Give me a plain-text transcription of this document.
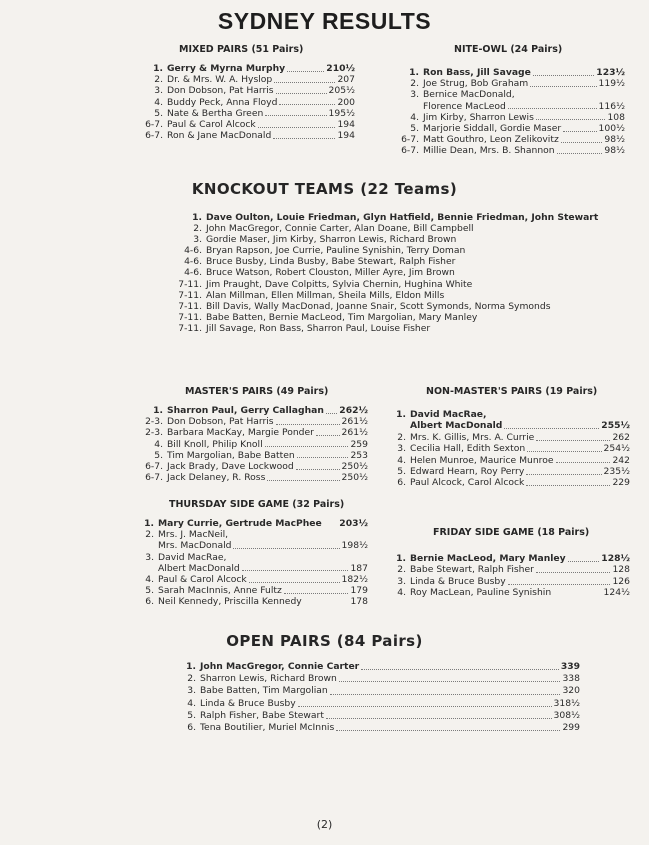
SYDNEY RESULTS
MIXED PAIRS (51 Pairs)
1. Gerry & Myrna Murphy	210½
2. Dr. & Mrs. W. A. Hyslop	207
3. Don Dobson, Pat Harris	205½
4. Buddy Peck, Anna Floyd	200
5. Nate & Bertha Green	195½
6-7. Paul & Carol Alcock	194
6-7. Ron & Jane MacDonald	194
NITE-OWL (24 Pairs)
1. Ron Bass, Jill Savage	123½
2. Joe Strug, Bob Graham	119½
3. Bernice MacDonald,
Florence MacLeod	116½
4. Jim Kirby, Sharron Lewis	108
5. Marjorie Siddall, Gordie Maser	100½
6-7. Matt Gouthro, Leon Zelikovitz	98½
6-7. Millie Dean, Mrs. B. Shannon	98½
KNOCKOUT TEAMS (22 Teams)
1. Dave Oulton, Louie Friedman, Glyn Hatfield, Bennie Friedman, John Stewart
2. John MacGregor, Connie Carter, Alan Doane, Bill Campbell
3. Gordie Maser, Jim Kirby, Sharron Lewis, Richard Brown
4-6. Bryan Rapson, Joe Currie, Pauline Synishin, Terry Doman
4-6. Bruce Busby, Linda Busby, Babe Stewart, Ralph Fisher
4-6. Bruce Watson, Robert Clouston, Miller Ayre, Jim Brown
7-11. Jim Praught, Dave Colpitts, Sylvia Chernin, Hughina White
7-11. Alan Millman, Ellen Millman, Sheila Mills, Eldon Mills
7-11. Bill Davis, Wally MacDonad, Joanne Snair, Scott Symonds, Norma Symonds
7-11. Babe Batten, Bernie MacLeod, Tim Margolian, Mary Manley
7-11. Jill Savage, Ron Bass, Sharron Paul, Louise Fisher
MASTER'S PAIRS (49 Pairs)
1. Sharron Paul, Gerry Callaghan 262½
2-3. Don Dobson, Pat Harris	261½
2-3. Barbara MacKay, Margie Ponder	261½
4. Bill Knoll, Philip Knoll	259
5. Tim Margolian, Babe Batten	253
6-7. Jack Brady, Dave Lockwood	250½
6-7. Jack Delaney, R. Ross	250½
NON-MASTER'S PAIRS (19 Pairs)
1. David MacRae,
Albert MacDonald	255½
2. Mrs. K. Gillis, Mrs. A. Currie	262
3. Cecilia Hall, Edith Sexton	254½
4. Helen Munroe, Maurice Munroe	242
5. Edward Hearn, Roy Perry	235½
6. Paul Alcock, Carol Alcock	229
THURSDAY SIDE GAME (32 Pairs)
1. Mary Currie, Gertrude MacPhee 203½
2. Mrs. J. MacNeil,
Mrs. MacDonald	198½
3. David MacRae,
Albert MacDonald	187
4. Paul & Carol Alcock	182½
5. Sarah MacInnis, Anne Fultz	179
6. Neil Kennedy, Priscilla Kennedy	178
FRIDAY SIDE GAME (18 Pairs)
1. Bernie MacLeod, Mary Manley	128½
2. Babe Stewart, Ralph Fisher	128
3. Linda & Bruce Busby	126
4. Roy MacLean, Pauline Synishin	124½
OPEN PAIRS (84 Pairs)
1. John MacGregor, Connie Carter	339
2. Sharron Lewis, Richard Brown	338
3. Babe Batten, Tim Margolian	320
4. Linda & Bruce Busby	318½
5. Ralph Fisher, Babe Stewart	308½
6. Tena Boutilier, Muriel McInnis	299
(2)
